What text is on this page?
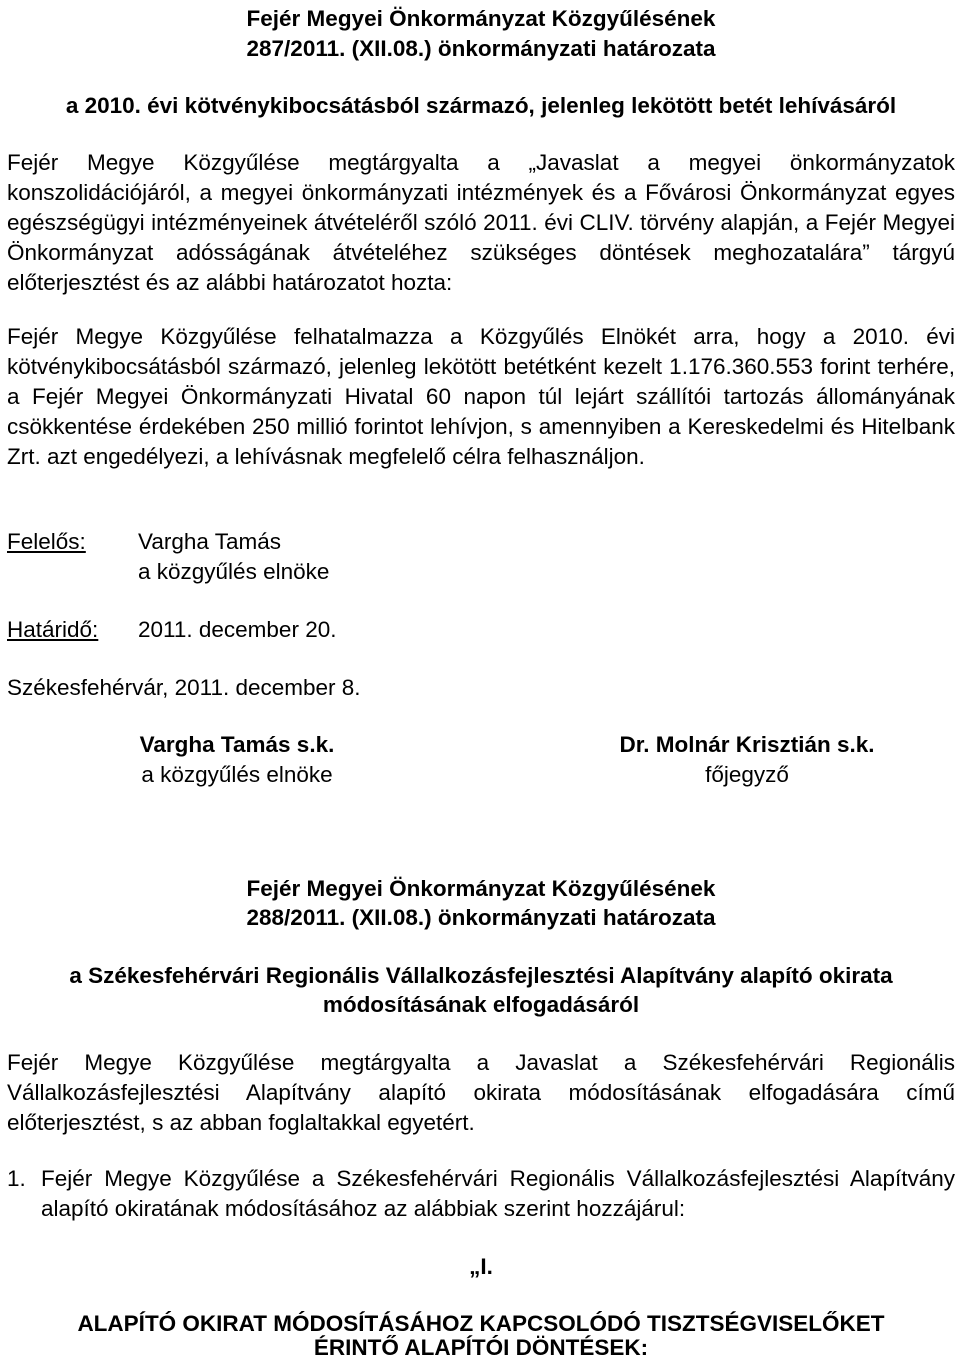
Fejér Megyei Önkormányzat Közgyűlésének

287/2011. (XII.08.) önkormányzati határozata

a 2010. évi kötvénykibocsátásból származó, jelenleg lekötött betét lehívásáról

Fejér Megye Közgyűlése megtárgyalta a „Javaslat a megyei önkormányzatok konszolidációjáról, a megyei önkormányzati intézmények és a Fővárosi Önkormányzat egyes egészségügyi intézményeinek átvételéről szóló 2011. évi CLIV. törvény alapján, a Fejér Megyei Önkormányzat adósságának átvételéhez szükséges döntések meghozatalára” tárgyú előterjesztést és az alábbi határozatot hozta:

Fejér Megye Közgyűlése felhatalmazza a Közgyűlés Elnökét arra, hogy a 2010. évi kötvénykibocsátásból származó, jelenleg lekötött betétként kezelt 1.176.360.553 forint terhére, a Fejér Megyei Önkormányzati Hivatal 60 napon túl lejárt szállítói tartozás állományának csökkentése érdekében 250 millió forintot lehívjon, s amennyiben a Kereskedelmi és Hitelbank Zrt. azt engedélyezi, a lehívásnak megfelelő célra felhasználjon.

Felelős: Vargha Tamás

a közgyűlés elnöke

Határidő: 2011. december 20.

Székesfehérvár, 2011. december 8.

Vargha Tamás s.k.

a közgyűlés elnöke

Dr. Molnár Krisztián s.k.

főjegyző

Fejér Megyei Önkormányzat Közgyűlésének

288/2011. (XII.08.) önkormányzati határozata

a Székesfehérvári Regionális Vállalkozásfejlesztési Alapítvány alapító okirata

módosításának elfogadásáról

Fejér Megye Közgyűlése megtárgyalta a Javaslat a Székesfehérvári Regionális Vállalkozásfejlesztési Alapítvány alapító okirata módosításának elfogadására című előterjesztést, s az abban foglaltakkal egyetért.

1. Fejér Megye Közgyűlése a Székesfehérvári Regionális Vállalkozásfejlesztési Alapítvány alapító okiratának módosításához az alábbiak szerint hozzájárul:

„I.

ALAPÍTÓ OKIRAT MÓDOSÍTÁSÁHOZ KAPCSOLÓDÓ TISZTSÉGVISELŐKET

ÉRINTŐ ALAPÍTÓI DÖNTÉSEK:
